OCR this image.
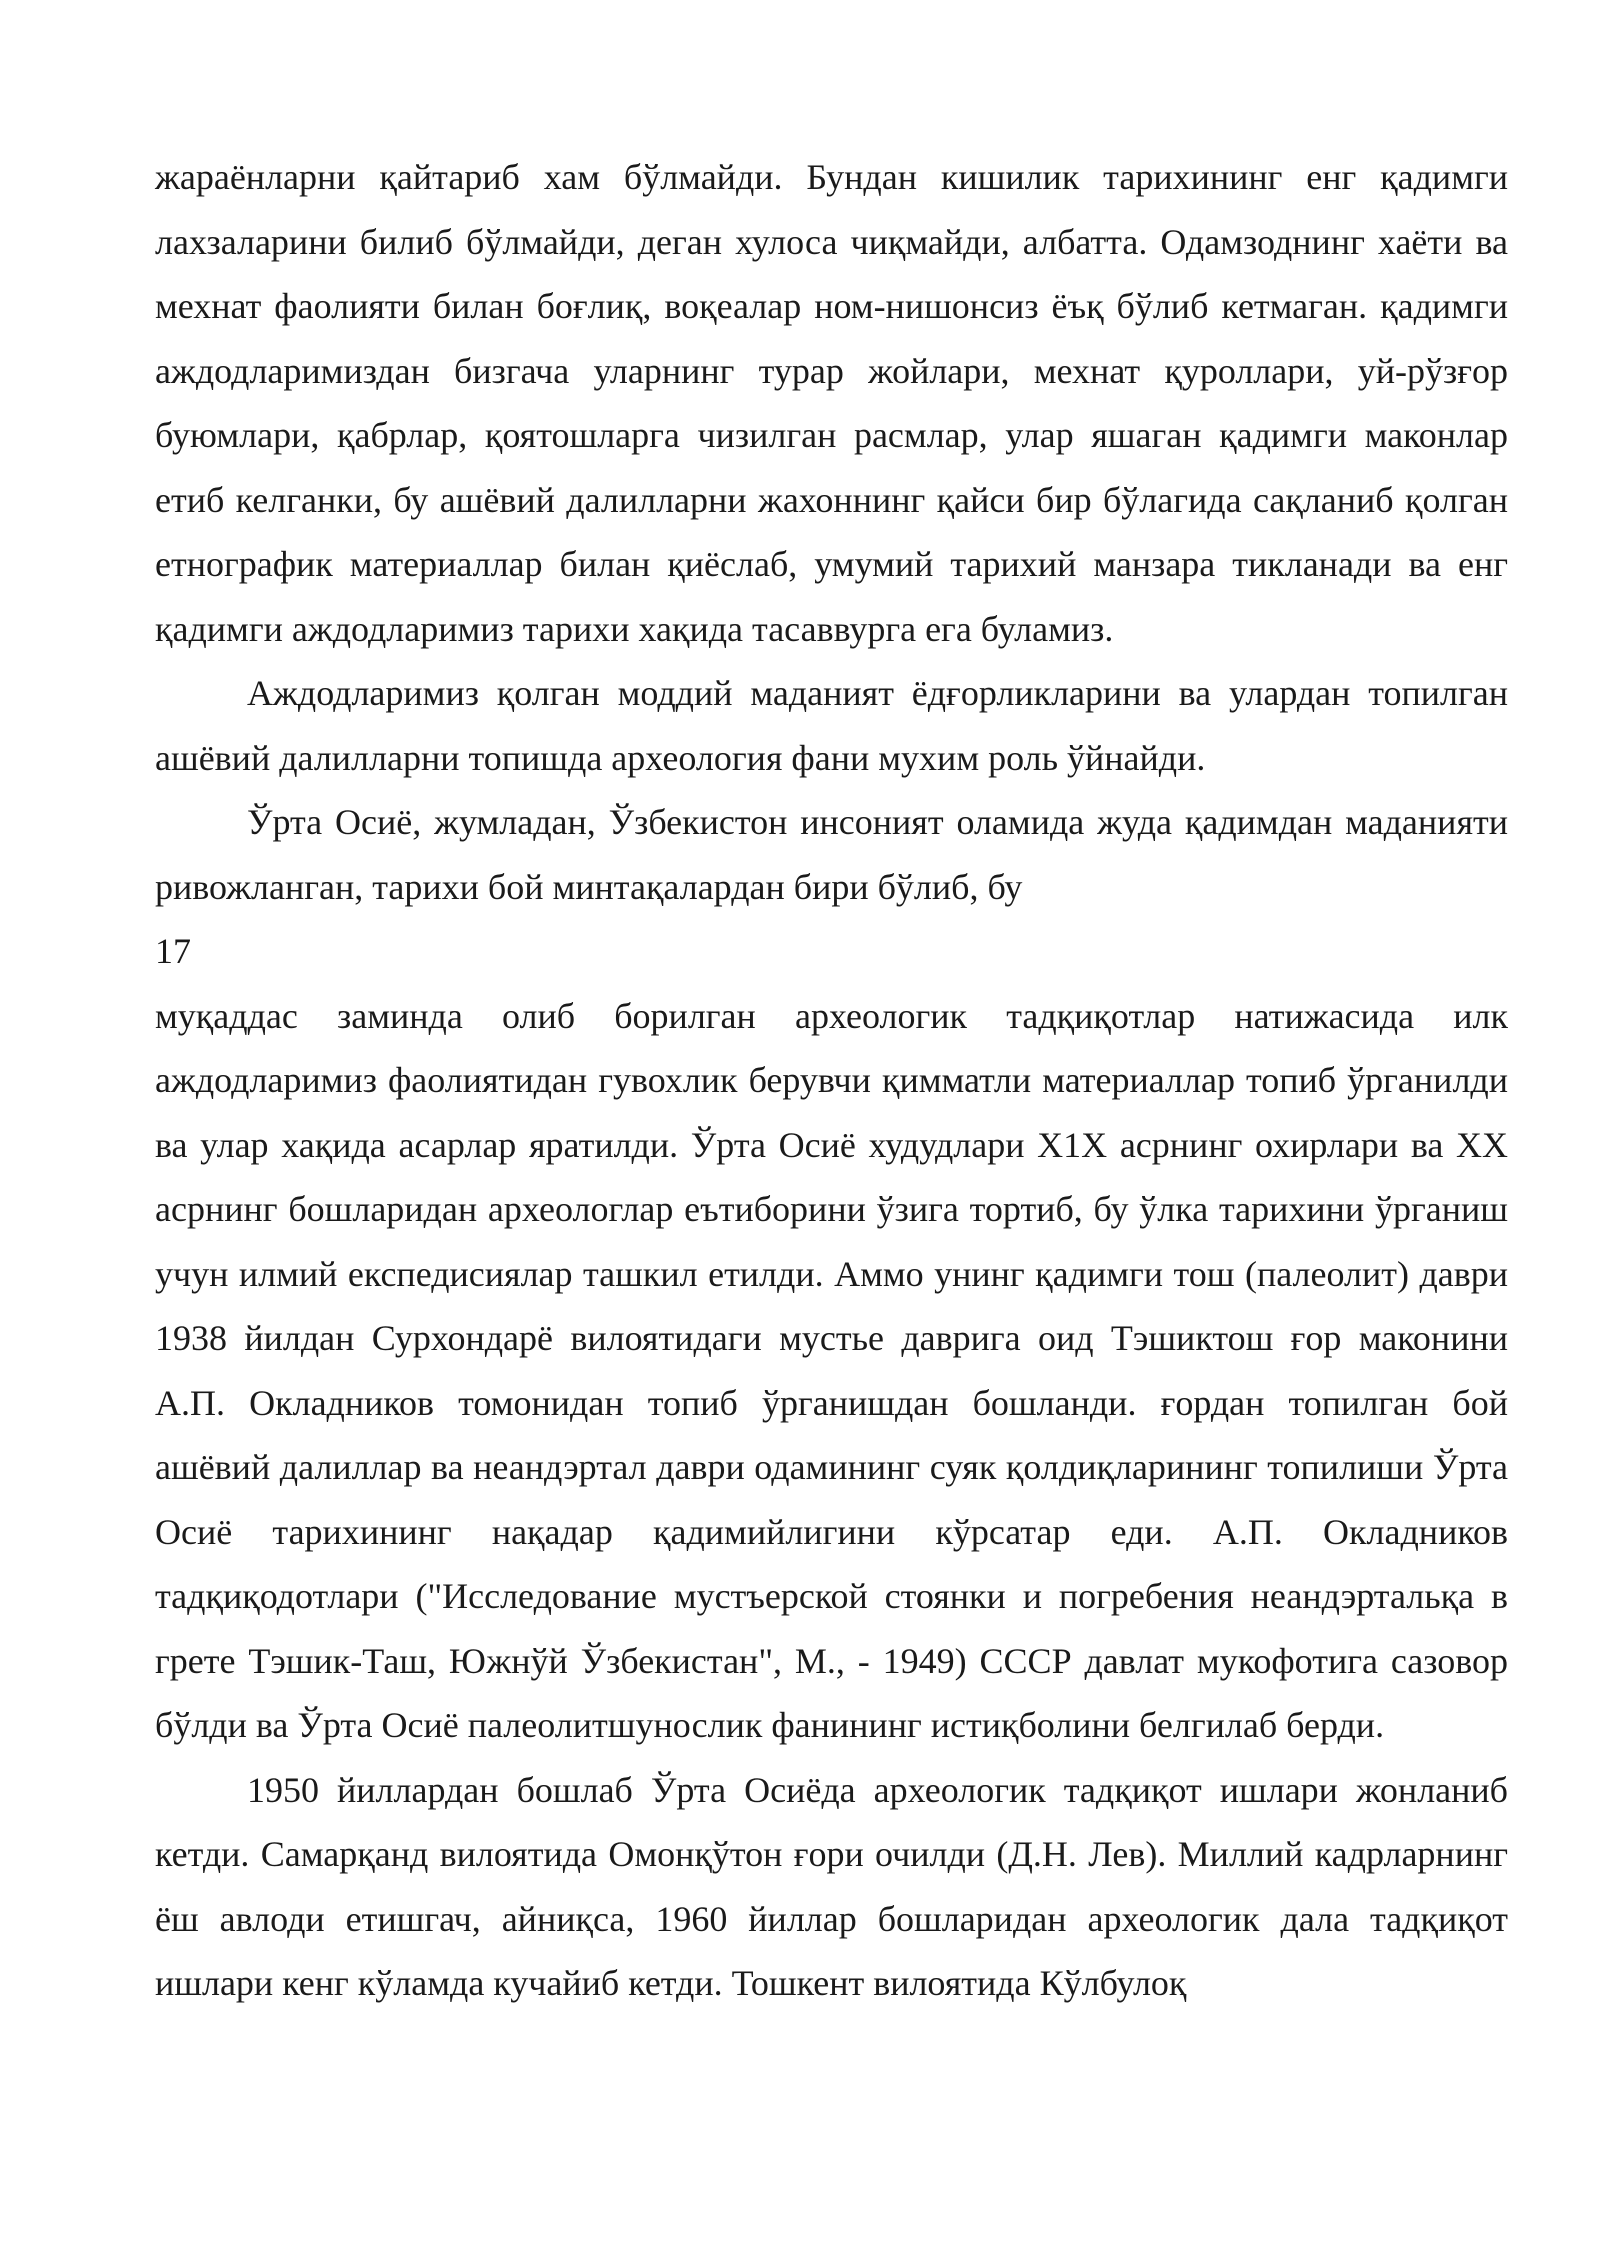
жараёнларни қайтариб хам бўлмайди. Бундан кишилик тарихининг енг қадимги лахзаларини билиб бўлмайди, деган хулоса чиқмайди, албатта. Одамзоднинг хаёти ва мехнат фаолияти билан боғлиқ, воқеалар ном-нишонсиз ёъқ бўлиб кетмаган. қадимги аждодларимиздан бизгача уларнинг турар жойлари, мехнат қуроллари, уй-рўзғор буюмлари, қабрлар, қоятошларга чизилган расмлар, улар яшаган қадимги маконлар етиб келганки, бу ашёвий далилларни жахоннинг қайси бир бўлагида сақланиб қолган етнографик материаллар билан қиёслаб, умумий тарихий манзара тикланади ва енг қадимги аждодларимиз тарихи хақида тасаввурга ега буламиз.

Аждодларимиз қолган моддий маданият ёдғорликларини ва улардан топилган ашёвий далилларни топишда археология фани мухим роль ўйнайди.

Ўрта Осиё, жумладан, Ўзбекистон инсоният оламида жуда қадимдан маданияти ривожланган, тарихи бой минтақалардан бири бўлиб, бу

17

муқаддас заминда олиб борилган археологик тадқиқотлар натижасида илк аждодларимиз фаолиятидан гувохлик берувчи қимматли материаллар топиб ўрганилди ва улар хақида асарлар яратилди. Ўрта Осиё худудлари Х1Х асрнинг охирлари ва ХХ асрнинг бошларидан археологлар еътиборини ўзига тортиб, бу ўлка тарихини ўрганиш учун илмий експедисиялар ташкил етилди. Аммо унинг қадимги тош (палеолит) даври 1938 йилдан Сурхондарё вилоятидаги мустье даврига оид Тэшиктош ғор маконини А.П. Окладников томонидан топиб ўрганишдан бошланди. ғордан топилган бой ашёвий далиллар ва неандэртал даври одамининг суяк қолдиқларининг топилиши Ўрта Осиё тарихининг нақадар қадимийлигини кўрсатар еди. А.П. Окладников тадқиқодотлари ("Исследование мустъерской стоянки и погребения неандэртальқа в грете Тэшик-Таш, Южнўй Ўзбекистан", М., - 1949) СССР давлат мукофотига сазовор бўлди ва Ўрта Осиё палеолитшунослик фанининг истиқболини белгилаб берди.

1950 йиллардан бошлаб Ўрта Осиёда археологик тадқиқот ишлари жонланиб кетди. Самарқанд вилоятида Омонқўтон ғори очилди (Д.Н. Лев). Миллий кадрларнинг ёш авлоди етишгач, айниқса, 1960 йиллар бошларидан археологик дала тадқиқот ишлари кенг кўламда кучайиб кетди. Тошкент вилоятида Кўлбулоқ
